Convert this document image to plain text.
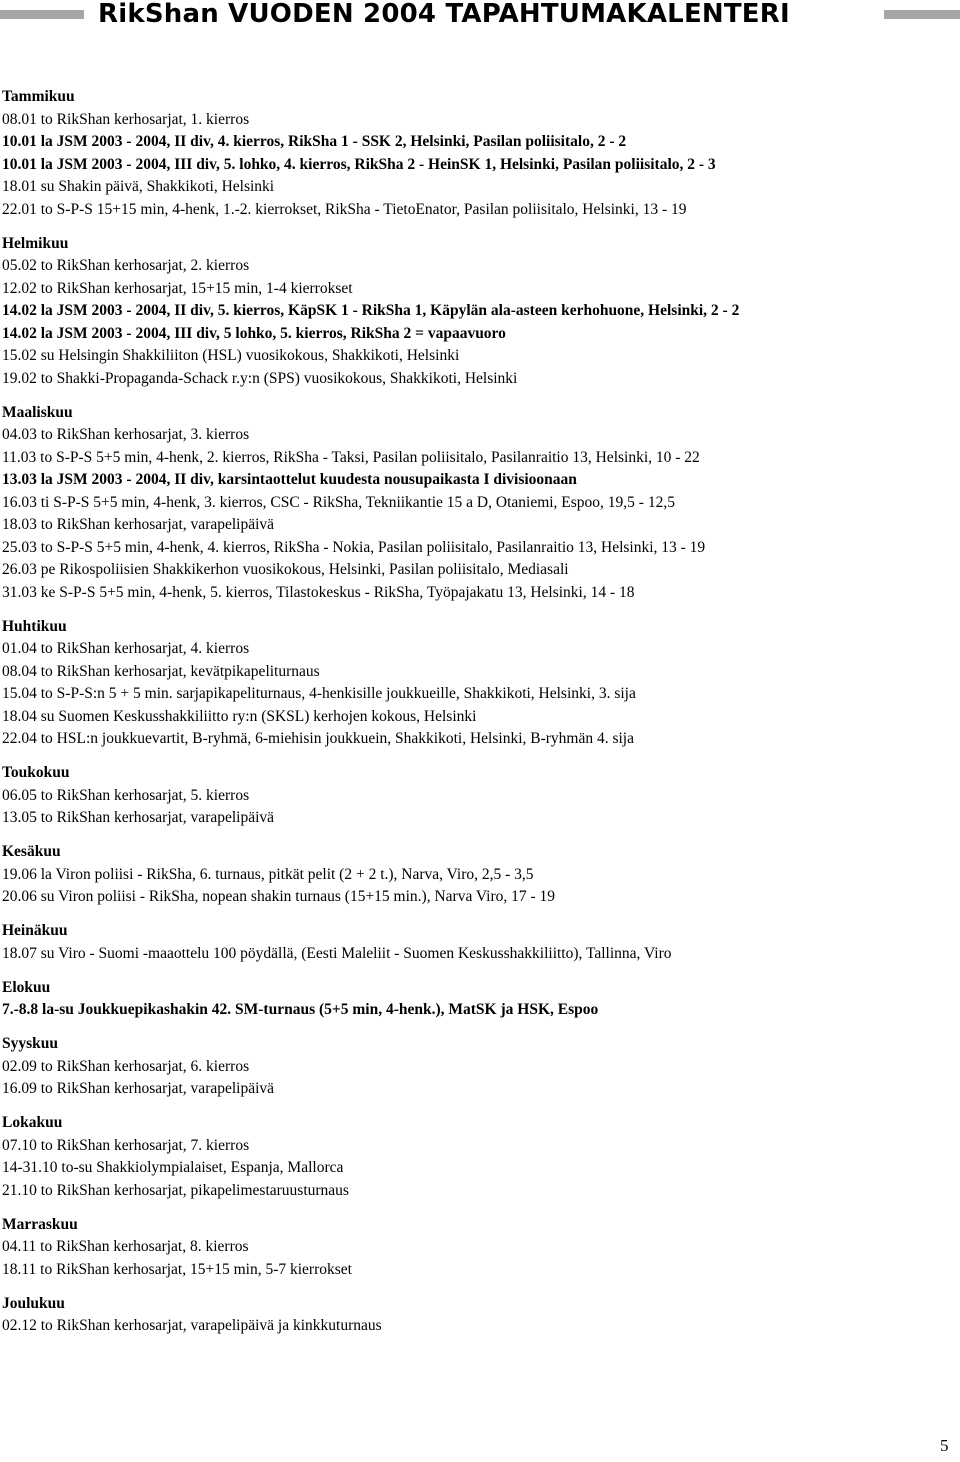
RikShan VUODEN 2004 TAPAHTUMAKALENTERI
Tammikuu
08.01 to RikShan kerhosarjat, 1. kierros
10.01 la JSM 2003 - 2004, II div, 4. kierros, RikSha 1 - SSK 2, Helsinki, Pasilan poliisitalo, 2 - 2
10.01 la JSM 2003 - 2004, III div, 5. lohko, 4. kierros, RikSha 2 - HeinSK 1, Helsinki, Pasilan poliisitalo, 2 - 3
18.01 su Shakin päivä, Shakkikoti, Helsinki
22.01 to S-P-S 15+15 min, 4-henk, 1.-2. kierrokset, RikSha - TietoEnator, Pasilan poliisitalo, Helsinki, 13 - 19
Helmikuu
05.02 to RikShan kerhosarjat, 2. kierros
12.02 to RikShan kerhosarjat, 15+15 min, 1-4 kierrokset
14.02 la JSM 2003 - 2004, II div, 5. kierros, KäpSK 1 - RikSha 1, Käpylän ala-asteen kerhohuone, Helsinki, 2 - 2
14.02 la JSM 2003 - 2004, III div, 5 lohko, 5. kierros, RikSha 2 = vapaavuoro
15.02 su Helsingin Shakkiliiton (HSL) vuosikokous, Shakkikoti, Helsinki
19.02 to Shakki-Propaganda-Schack r.y:n (SPS) vuosikokous, Shakkikoti, Helsinki
Maaliskuu
04.03 to RikShan kerhosarjat, 3. kierros
11.03 to S-P-S 5+5 min, 4-henk, 2. kierros, RikSha - Taksi, Pasilan poliisitalo, Pasilanraitio 13, Helsinki, 10 - 22
13.03 la JSM 2003 - 2004, II div, karsintaottelut kuudesta nousupaikasta I divisioonaan
16.03 ti S-P-S 5+5 min, 4-henk, 3. kierros, CSC - RikSha, Tekniikantie 15 a D, Otaniemi, Espoo, 19,5 - 12,5
18.03 to RikShan kerhosarjat, varapelipäivä
25.03 to S-P-S 5+5 min, 4-henk, 4. kierros, RikSha - Nokia, Pasilan poliisitalo, Pasilanraitio 13, Helsinki, 13 - 19
26.03 pe Rikospoliisien Shakkikerhon vuosikokous, Helsinki, Pasilan poliisitalo, Mediasali
31.03 ke S-P-S 5+5 min, 4-henk, 5. kierros, Tilastokeskus - RikSha, Työpajakatu 13, Helsinki, 14 - 18
Huhtikuu
01.04 to RikShan kerhosarjat, 4. kierros
08.04 to RikShan kerhosarjat, kevätpikapeliturnaus
15.04 to S-P-S:n 5 + 5 min. sarjapikapeliturnaus, 4-henkisille joukkueille, Shakkikoti, Helsinki, 3. sija
18.04 su Suomen Keskusshakkiliitto ry:n (SKSL) kerhojen kokous, Helsinki
22.04 to HSL:n joukkuevartit, B-ryhmä, 6-miehisin joukkuein, Shakkikoti, Helsinki, B-ryhmän 4. sija
Toukokuu
06.05 to RikShan kerhosarjat, 5. kierros
13.05 to RikShan kerhosarjat, varapelipäivä
Kesäkuu
19.06 la Viron poliisi - RikSha, 6. turnaus, pitkät pelit (2 + 2 t.), Narva, Viro, 2,5 - 3,5
20.06 su Viron poliisi - RikSha, nopean shakin turnaus (15+15 min.), Narva Viro, 17 - 19
Heinäkuu
18.07 su Viro - Suomi -maaottelu 100 pöydällä, (Eesti Maleliit - Suomen Keskusshakkiliitto), Tallinna, Viro
Elokuu
7.-8.8 la-su Joukkuepikashakin 42. SM-turnaus (5+5 min, 4-henk.), MatSK ja HSK, Espoo
Syyskuu
02.09 to RikShan kerhosarjat, 6. kierros
16.09 to RikShan kerhosarjat, varapelipäivä
Lokakuu
07.10 to RikShan kerhosarjat, 7. kierros
14-31.10 to-su Shakkiolympialaiset, Espanja, Mallorca
21.10 to RikShan kerhosarjat, pikapelimestaruusturnaus
Marraskuu
04.11 to RikShan kerhosarjat, 8. kierros
18.11 to RikShan kerhosarjat, 15+15 min, 5-7 kierrokset
Joulukuu
02.12 to RikShan kerhosarjat, varapelipäivä ja kinkkuturnaus
5
